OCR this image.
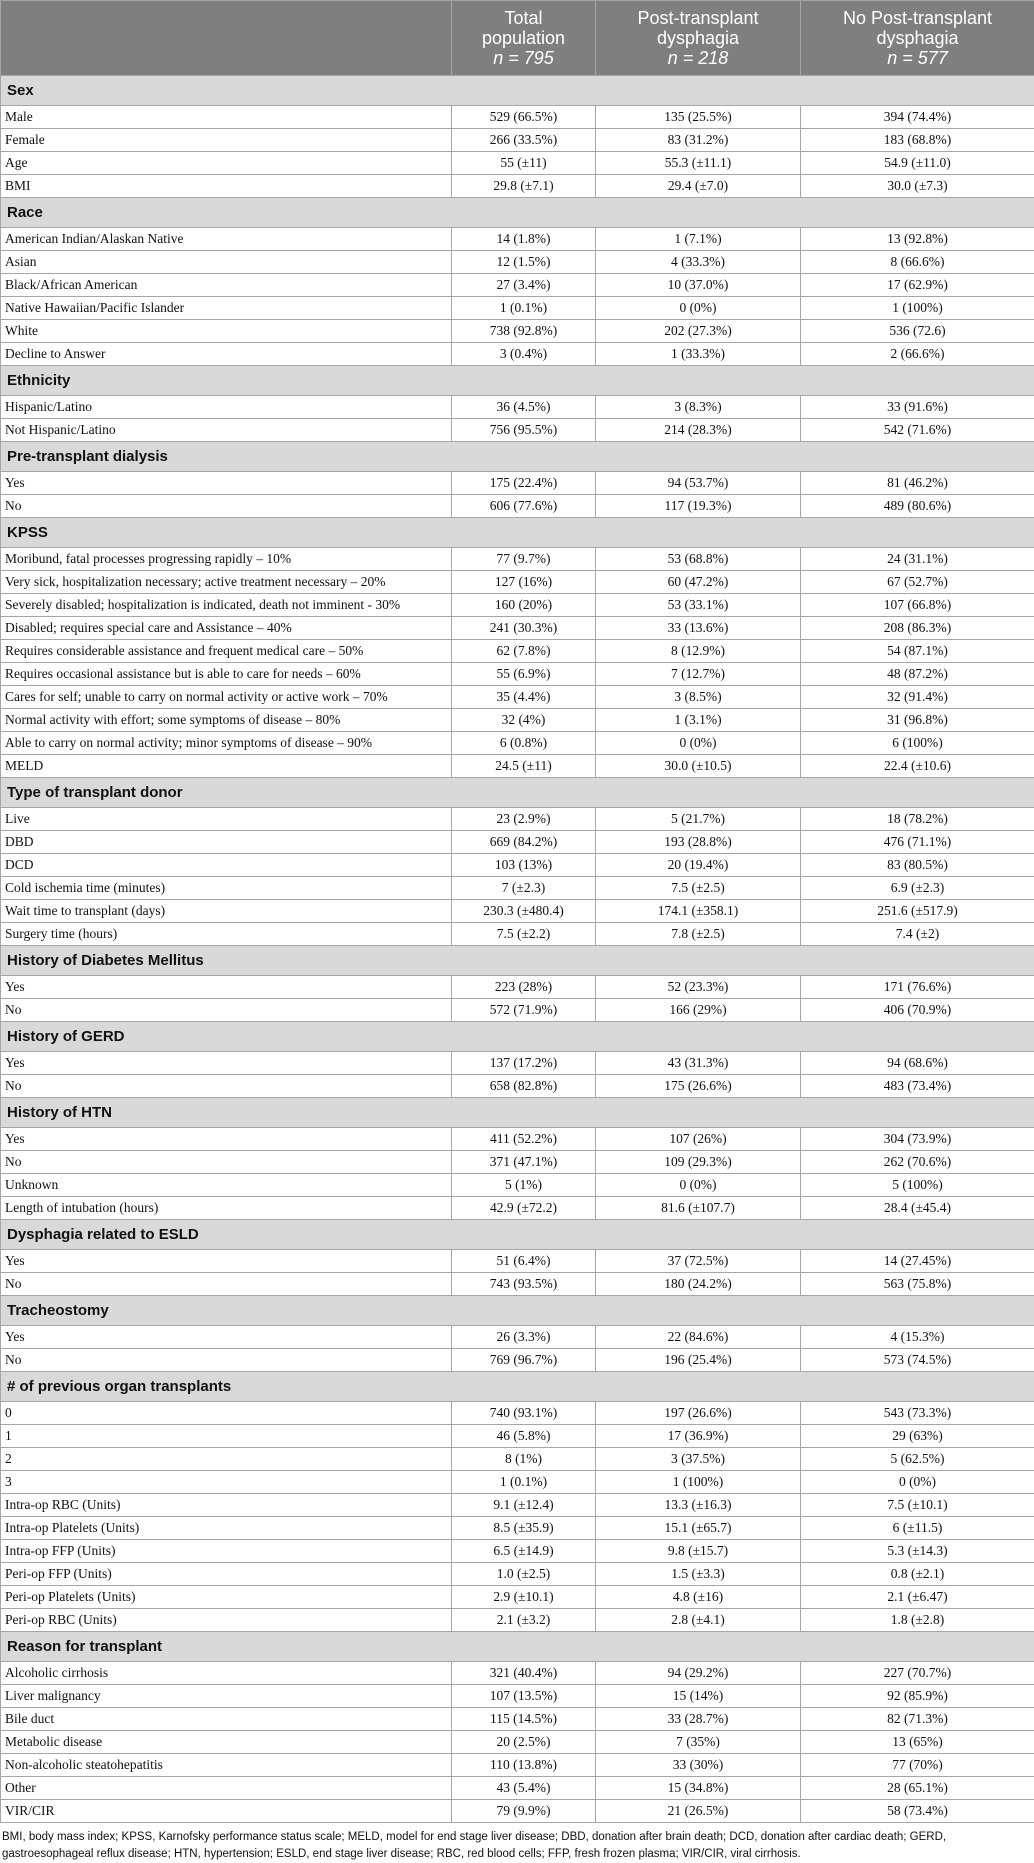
	Total
population
n = 795	Post-transplant
dysphagia
n = 218	No Post-transplant
dysphagia
n = 577
Sex			
Male	529 (66.5%)	135 (25.5%)	394 (74.4%)
Female	266 (33.5%)	83 (31.2%)	183 (68.8%)
Age	55 (±11)	55.3 (±11.1)	54.9 (±11.0)
BMI	29.8 (±7.1)	29.4 (±7.0)	30.0 (±7.3)
Race			
American Indian/Alaskan Native	14 (1.8%)	1 (7.1%)	13 (92.8%)
Asian	12 (1.5%)	4 (33.3%)	8 (66.6%)
Black/African American	27 (3.4%)	10 (37.0%)	17 (62.9%)
Native Hawaiian/Pacific Islander	1 (0.1%)	0 (0%)	1 (100%)
White	738 (92.8%)	202 (27.3%)	536 (72.6)
Decline to Answer	3 (0.4%)	1 (33.3%)	2 (66.6%)
Ethnicity			
Hispanic/Latino	36 (4.5%)	3 (8.3%)	33 (91.6%)
Not Hispanic/Latino	756 (95.5%)	214 (28.3%)	542 (71.6%)
Pre-transplant dialysis			
Yes	175 (22.4%)	94 (53.7%)	81 (46.2%)
No	606 (77.6%)	117 (19.3%)	489 (80.6%)
KPSS			
Moribund, fatal processes progressing rapidly – 10%	77 (9.7%)	53 (68.8%)	24 (31.1%)
Very sick, hospitalization necessary; active treatment necessary – 20%	127 (16%)	60 (47.2%)	67 (52.7%)
Severely disabled; hospitalization is indicated, death not imminent - 30%	160 (20%)	53 (33.1%)	107 (66.8%)
Disabled; requires special care and Assistance – 40%	241 (30.3%)	33 (13.6%)	208 (86.3%)
Requires considerable assistance and frequent medical care – 50%	62 (7.8%)	8 (12.9%)	54 (87.1%)
Requires occasional assistance but is able to care for needs – 60%	55 (6.9%)	7 (12.7%)	48 (87.2%)
Cares for self; unable to carry on normal activity or active work – 70%	35 (4.4%)	3 (8.5%)	32 (91.4%)
Normal activity with effort; some symptoms of disease – 80%	32 (4%)	1 (3.1%)	31 (96.8%)
Able to carry on normal activity; minor symptoms of disease – 90%	6 (0.8%)	0 (0%)	6 (100%)
MELD	24.5 (±11)	30.0 (±10.5)	22.4 (±10.6)
Type of transplant donor			
Live	23 (2.9%)	5 (21.7%)	18 (78.2%)
DBD	669 (84.2%)	193 (28.8%)	476 (71.1%)
DCD	103 (13%)	20 (19.4%)	83 (80.5%)
Cold ischemia time (minutes)	7 (±2.3)	7.5 (±2.5)	6.9 (±2.3)
Wait time to transplant (days)	230.3 (±480.4)	174.1 (±358.1)	251.6 (±517.9)
Surgery time (hours)	7.5 (±2.2)	7.8 (±2.5)	7.4 (±2)
History of Diabetes Mellitus			
Yes	223 (28%)	52 (23.3%)	171 (76.6%)
No	572 (71.9%)	166 (29%)	406 (70.9%)
History of GERD			
Yes	137 (17.2%)	43 (31.3%)	94 (68.6%)
No	658 (82.8%)	175 (26.6%)	483 (73.4%)
History of HTN			
Yes	411 (52.2%)	107 (26%)	304 (73.9%)
No	371 (47.1%)	109 (29.3%)	262 (70.6%)
Unknown	5 (1%)	0 (0%)	5 (100%)
Length of intubation (hours)	42.9 (±72.2)	81.6 (±107.7)	28.4 (±45.4)
Dysphagia related to ESLD			
Yes	51 (6.4%)	37 (72.5%)	14 (27.45%)
No	743 (93.5%)	180 (24.2%)	563 (75.8%)
Tracheostomy			
Yes	26 (3.3%)	22 (84.6%)	4 (15.3%)
No	769 (96.7%)	196 (25.4%)	573 (74.5%)
# of previous organ transplants			
0	740 (93.1%)	197 (26.6%)	543 (73.3%)
1	46 (5.8%)	17 (36.9%)	29 (63%)
2	8 (1%)	3 (37.5%)	5 (62.5%)
3	1 (0.1%)	1 (100%)	0 (0%)
Intra-op RBC (Units)	9.1 (±12.4)	13.3 (±16.3)	7.5 (±10.1)
Intra-op Platelets (Units)	8.5 (±35.9)	15.1 (±65.7)	6 (±11.5)
Intra-op FFP (Units)	6.5 (±14.9)	9.8 (±15.7)	5.3 (±14.3)
Peri-op FFP (Units)	1.0 (±2.5)	1.5 (±3.3)	0.8 (±2.1)
Peri-op Platelets (Units)	2.9 (±10.1)	4.8 (±16)	2.1 (±6.47)
Peri-op RBC (Units)	2.1 (±3.2)	2.8 (±4.1)	1.8 (±2.8)
Reason for transplant			
Alcoholic cirrhosis	321 (40.4%)	94 (29.2%)	227 (70.7%)
Liver malignancy	107 (13.5%)	15 (14%)	92 (85.9%)
Bile duct	115 (14.5%)	33 (28.7%)	82 (71.3%)
Metabolic disease	20 (2.5%)	7 (35%)	13 (65%)
Non-alcoholic steatohepatitis	110 (13.8%)	33 (30%)	77 (70%)
Other	43 (5.4%)	15 (34.8%)	28 (65.1%)
VIR/CIR	79 (9.9%)	21 (26.5%)	58 (73.4%)
BMI, body mass index; KPSS, Karnofsky performance status scale; MELD, model for end stage liver disease; DBD, donation after brain death; DCD, donation after cardiac death; GERD, gastroesophageal reflux disease; HTN, hypertension; ESLD, end stage liver disease; RBC, red blood cells; FFP, fresh frozen plasma; VIR/CIR, viral cirrhosis.
